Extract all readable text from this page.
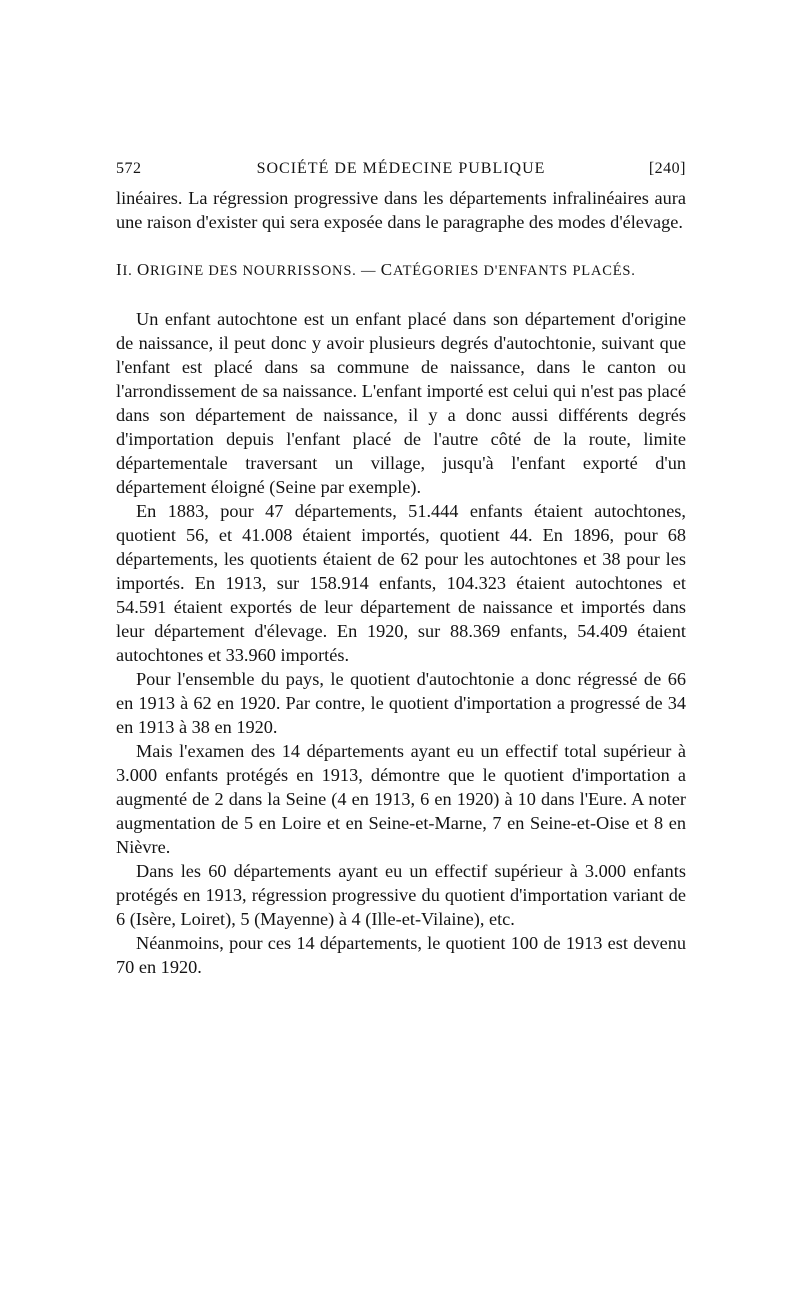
572	SOCIÉTÉ DE MÉDECINE PUBLIQUE	[240]

linéaires. La régression progressive dans les départements infralinéaires aura une raison d'exister qui sera exposée dans le paragraphe des modes d'élevage.

II. ORIGINE DES NOURRISSONS. — CATÉGORIES D'ENFANTS PLACÉS.

Un enfant autochtone est un enfant placé dans son département d'origine de naissance, il peut donc y avoir plusieurs degrés d'autochtonie, suivant que l'enfant est placé dans sa commune de naissance, dans le canton ou l'arrondissement de sa naissance. L'enfant importé est celui qui n'est pas placé dans son département de naissance, il y a donc aussi différents degrés d'importation depuis l'enfant placé de l'autre côté de la route, limite départementale traversant un village, jusqu'à l'enfant exporté d'un département éloigné (Seine par exemple).

En 1883, pour 47 départements, 51.444 enfants étaient autochtones, quotient 56, et 41.008 étaient importés, quotient 44. En 1896, pour 68 départements, les quotients étaient de 62 pour les autochtones et 38 pour les importés. En 1913, sur 158.914 enfants, 104.323 étaient autochtones et 54.591 étaient exportés de leur département de naissance et importés dans leur département d'élevage. En 1920, sur 88.369 enfants, 54.409 étaient autochtones et 33.960 importés.

Pour l'ensemble du pays, le quotient d'autochtonie a donc régressé de 66 en 1913 à 62 en 1920. Par contre, le quotient d'importation a progressé de 34 en 1913 à 38 en 1920.

Mais l'examen des 14 départements ayant eu un effectif total supérieur à 3.000 enfants protégés en 1913, démontre que le quotient d'importation a augmenté de 2 dans la Seine (4 en 1913, 6 en 1920) à 10 dans l'Eure. A noter augmentation de 5 en Loire et en Seine-et-Marne, 7 en Seine-et-Oise et 8 en Nièvre.

Dans les 60 départements ayant eu un effectif supérieur à 3.000 enfants protégés en 1913, régression progressive du quotient d'importation variant de 6 (Isère, Loiret), 5 (Mayenne) à 4 (Ille-et-Vilaine), etc.

Néanmoins, pour ces 14 départements, le quotient 100 de 1913 est devenu 70 en 1920.
